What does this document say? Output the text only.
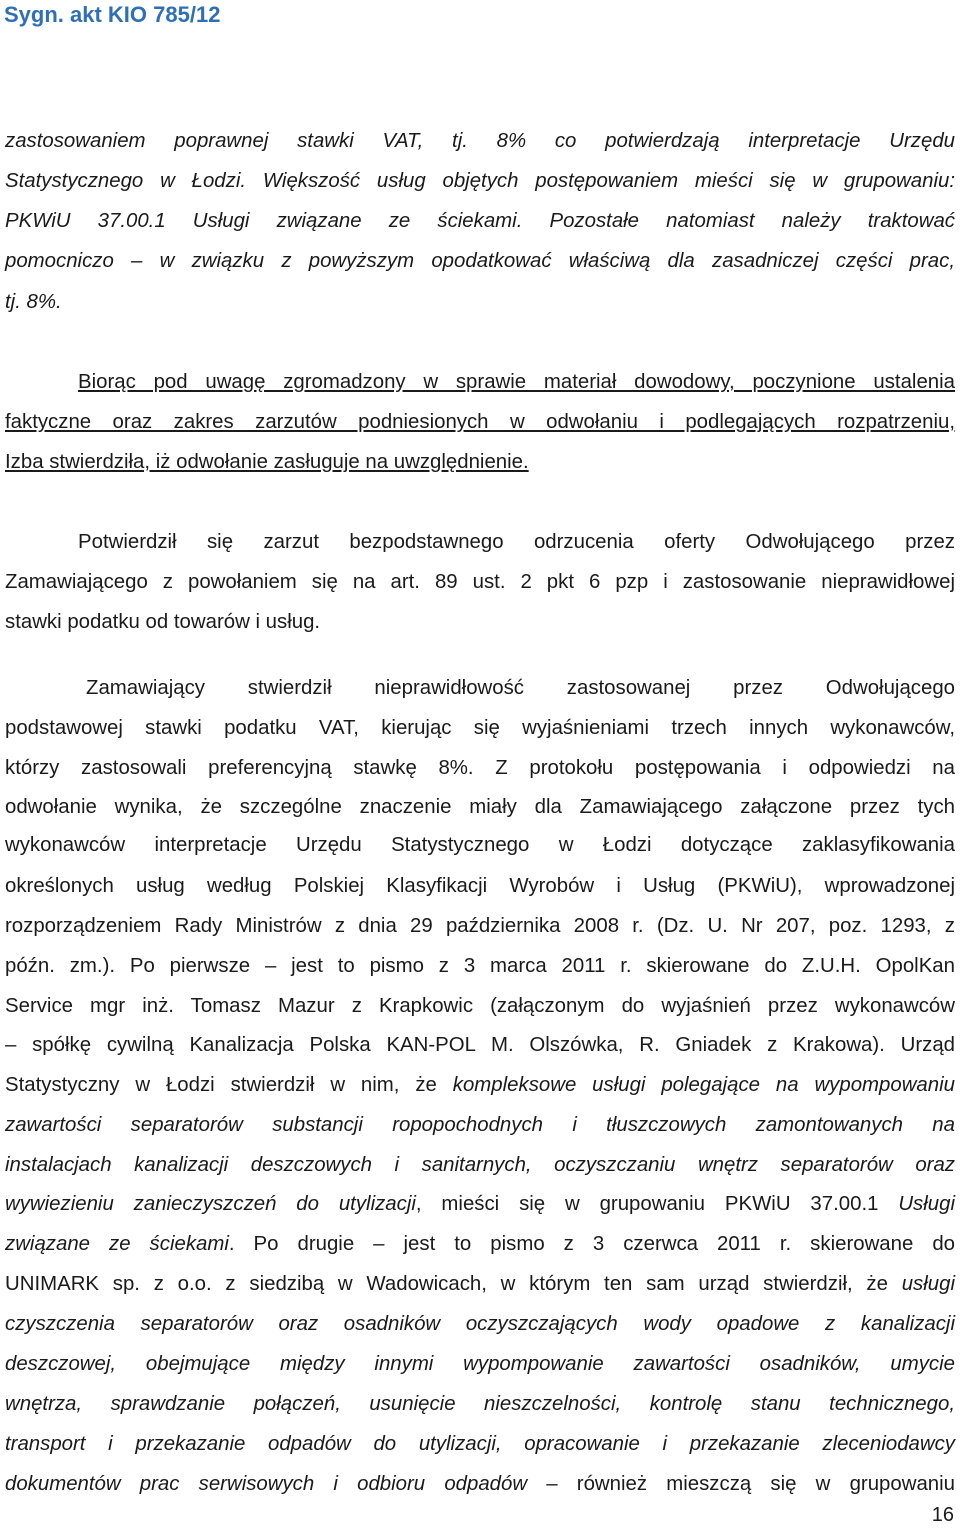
Sygn. akt KIO 785/12
zastosowaniem poprawnej stawki VAT, tj. 8% co potwierdzają interpretacje Urzędu
Statystycznego w Łodzi. Większość usług objętych postępowaniem mieści się w grupowaniu:
PKWiU 37.00.1 Usługi związane ze ściekami. Pozostałe natomiast należy traktować
pomocniczo – w związku z powyższym opodatkować właściwą dla zasadniczej części prac,
tj. 8%.
Biorąc pod uwagę zgromadzony w sprawie materiał dowodowy, poczynione ustalenia
faktyczne oraz zakres zarzutów podniesionych w odwołaniu i podlegających rozpatrzeniu,
Izba stwierdziła, iż odwołanie zasługuje na uwzględnienie.
Potwierdził się zarzut bezpodstawnego odrzucenia oferty Odwołującego przez
Zamawiającego z powołaniem się na art. 89 ust. 2 pkt 6 pzp i zastosowanie nieprawidłowej
stawki podatku od towarów i usług.
Zamawiający stwierdził nieprawidłowość zastosowanej przez Odwołującego
podstawowej stawki podatku VAT, kierując się wyjaśnieniami trzech innych wykonawców,
którzy zastosowali preferencyjną stawkę 8%. Z protokołu postępowania i odpowiedzi na
odwołanie wynika, że szczególne znaczenie miały dla Zamawiającego załączone przez tych
wykonawców interpretacje Urzędu Statystycznego w Łodzi dotyczące zaklasyfikowania
określonych usług według Polskiej Klasyfikacji Wyrobów i Usług (PKWiU), wprowadzonej
rozporządzeniem Rady Ministrów z dnia 29 października 2008 r. (Dz. U. Nr 207, poz. 1293, z
późn. zm.). Po pierwsze – jest to pismo z 3 marca 2011 r. skierowane do Z.U.H. OpolKan
Service mgr inż. Tomasz Mazur z Krapkowic (załączonym do wyjaśnień przez wykonawców
– spółkę cywilną Kanalizacja Polska KAN-POL M. Olszówka, R. Gniadek z Krakowa). Urząd
Statystyczny w Łodzi stwierdził w nim, że kompleksowe usługi polegające na wypompowaniu
zawartości separatorów substancji ropopochodnych i tłuszczowych zamontowanych na
instalacjach kanalizacji deszczowych i sanitarnych, oczyszczaniu wnętrz separatorów oraz
wywiezieniu zanieczyszczeń do utylizacji, mieści się w grupowaniu PKWiU 37.00.1 Usługi
związane ze ściekami. Po drugie – jest to pismo z 3 czerwca 2011 r. skierowane do
UNIMARK sp. z o.o. z siedzibą w Wadowicach, w którym ten sam urząd stwierdził, że usługi
czyszczenia separatorów oraz osadników oczyszczających wody opadowe z kanalizacji
deszczowej, obejmujące między innymi wypompowanie zawartości osadników, umycie
wnętrza, sprawdzanie połączeń, usunięcie nieszczelności, kontrolę stanu technicznego,
transport i przekazanie odpadów do utylizacji, opracowanie i przekazanie zleceniodawcy
dokumentów prac serwisowych i odbioru odpadów – również mieszczą się w grupowaniu
16
